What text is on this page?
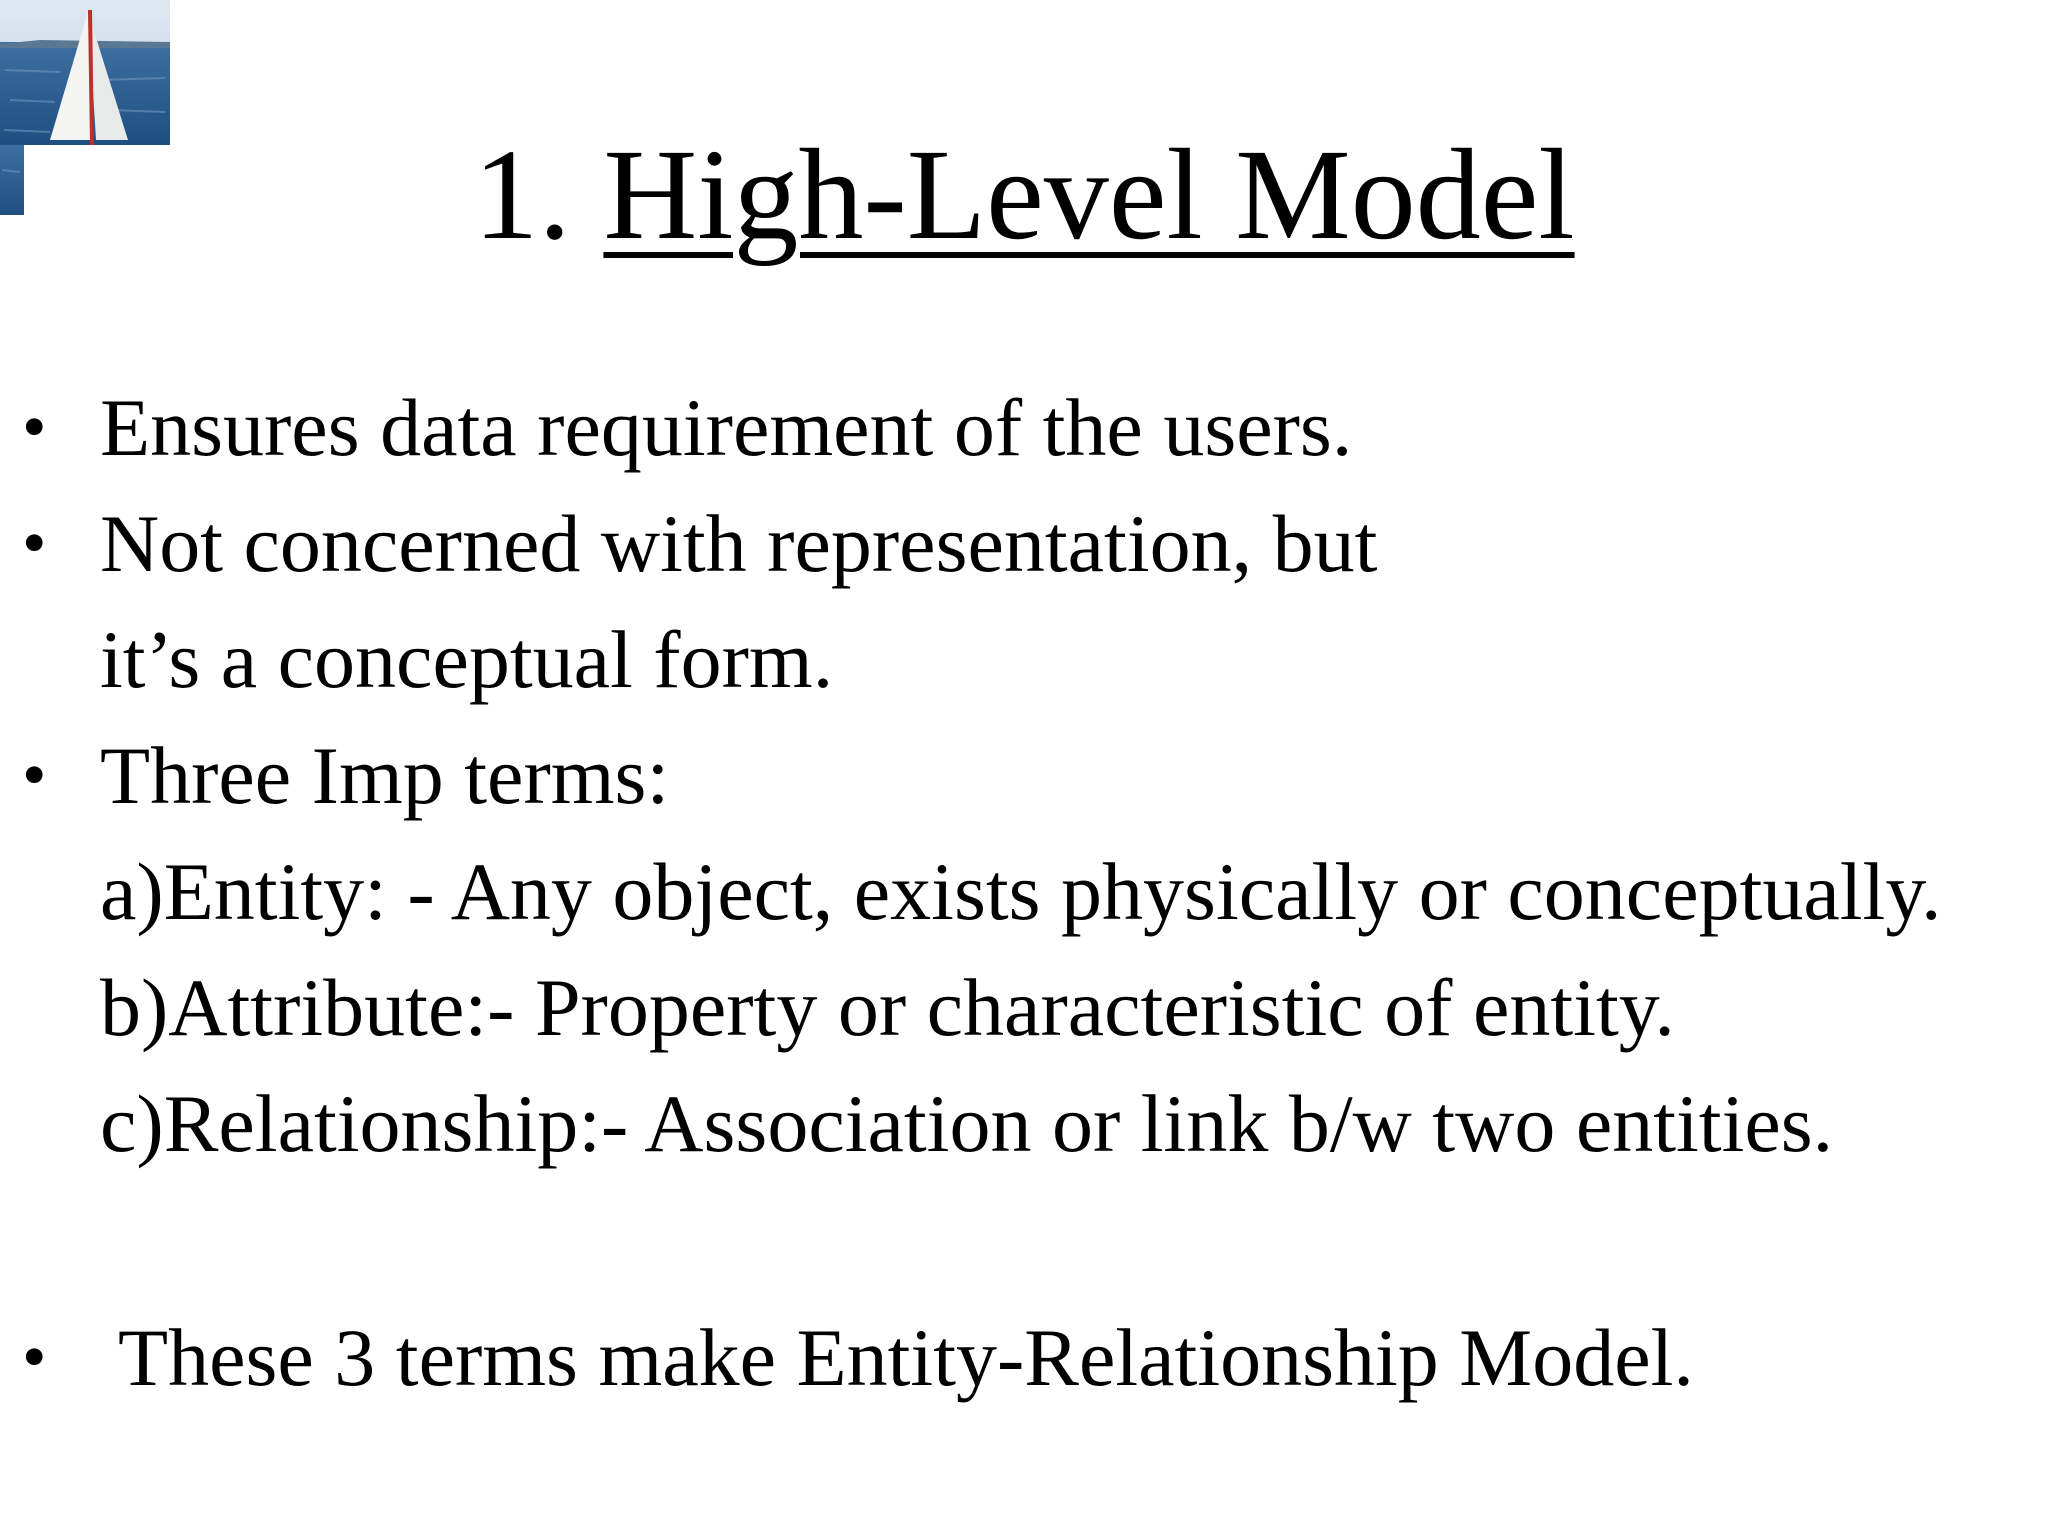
1. High-Level Model
• Ensures data requirement of the users.
• Not concerned with representation, but
it’s a conceptual form.
• Three Imp terms:
a)Entity: - Any object, exists physically or conceptually.
b)Attribute:- Property or characteristic of entity.
c)Relationship:- Association or link b/w two entities.
• These 3 terms make Entity-Relationship Model.
